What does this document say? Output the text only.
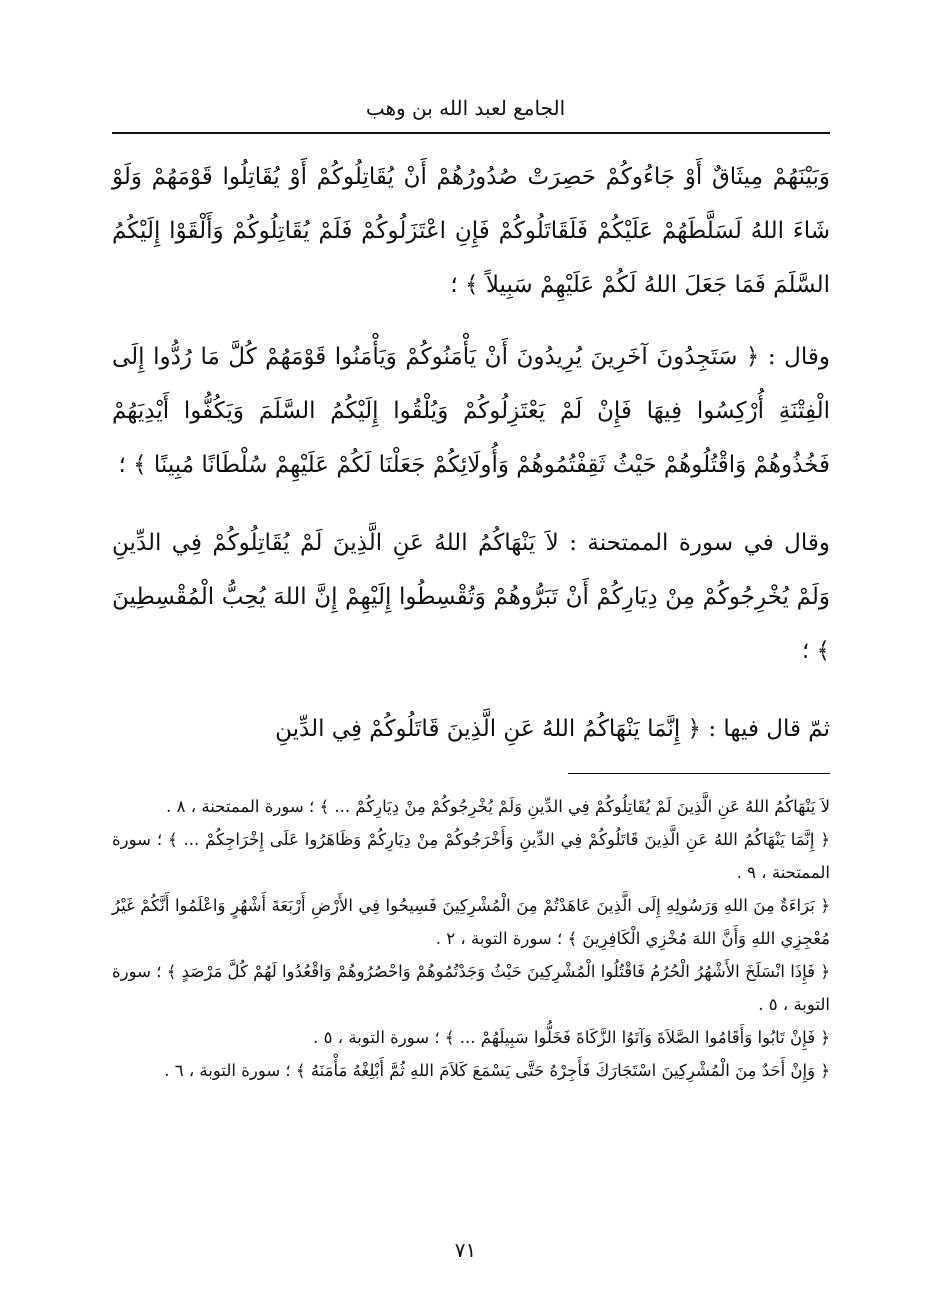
الجامع لعبد الله بن وهب

وَبَيْنَهُمْ مِيثَاقٌ أَوْ جَاءُوكُمْ حَصِرَتْ صُدُورُهُمْ أَنْ يُقَاتِلُوكُمْ أَوْ يُقَاتِلُوا قَوْمَهُمْ وَلَوْ شَاءَ اللهُ لَسَلَّطَهُمْ عَلَيْكُمْ فَلَقَاتَلُوكُمْ فَإِنِ اعْتَزَلُوكُمْ فَلَمْ يُقَاتِلُوكُمْ وَأَلْقَوْا إِلَيْكُمُ السَّلَمَ فَمَا جَعَلَ اللهُ لَكُمْ عَلَيْهِمْ سَبِيلاً ﴾ ؛

وقال : ﴿ سَتَجِدُونَ آخَرِينَ يُرِيدُونَ أَنْ يَأْمَنُوكُمْ وَيَأْمَنُوا قَوْمَهُمْ كُلَّ مَا رُدُّوا إِلَى الْفِتْنَةِ أُرْكِسُوا فِيهَا فَإِنْ لَمْ يَعْتَزِلُوكُمْ وَيُلْقُوا إِلَيْكُمُ السَّلَمَ وَيَكُفُّوا أَيْدِيَهُمْ فَخُذُوهُمْ وَاقْتُلُوهُمْ حَيْثُ ثَقِفْتُمُوهُمْ وَأُولَائِكُمْ جَعَلْنَا لَكُمْ عَلَيْهِمْ سُلْطَانًا مُبِينًا ﴾ ؛

وقال في سورة الممتحنة : لاَ يَنْهَاكُمُ اللهُ عَنِ الَّذِينَ لَمْ يُقَاتِلُوكُمْ فِي الدِّينِ وَلَمْ يُخْرِجُوكُمْ مِنْ دِيَارِكُمْ أَنْ تَبَرُّوهُمْ وَتُقْسِطُوا إِلَيْهِمْ إِنَّ اللهَ يُحِبُّ الْمُقْسِطِينَ ﴾ ؛

ثمّ قال فيها : ﴿ إِنَّمَا يَنْهَاكُمُ اللهُ عَنِ الَّذِينَ قَاتَلُوكُمْ فِي الدِّينِ

لاَ يَنْهَاكُمُ اللهُ عَنِ الَّذِينَ لَمْ يُقَاتِلُوكُمْ فِي الدِّينِ وَلَمْ يُخْرِجُوكُمْ مِنْ دِيَارِكُمْ ... ﴾ ؛ سورة الممتحنة ، ٨ .

﴿ إِنَّمَا يَنْهَاكُمُ اللهُ عَنِ الَّذِينَ قَاتَلُوكُمْ فِي الدِّينِ وَأَخْرَجُوكُمْ مِنْ دِيَارِكُمْ وَظَاهَرُوا عَلَى إِخْرَاجِكُمْ ... ﴾ ؛ سورة الممتحنة ، ٩ .

﴿ بَرَاءَةٌ مِنَ اللهِ وَرَسُولِهِ إِلَى الَّذِينَ عَاهَدْتُمْ مِنَ الْمُشْرِكِينَ فَسِيحُوا فِي الأَرْضِ أَرْبَعَةَ أَشْهُرٍ وَاعْلَمُوا أَنَّكُمْ غَيْرُ مُعْجِزِي اللهِ وَأَنَّ اللهَ مُخْزِي الْكَافِرِينَ ﴾ ؛ سورة التوبة ، ٢ .

﴿ فَإِذَا انْسَلَخَ الأَشْهُرُ الْحُرُمُ فَاقْتُلُوا الْمُشْرِكِينَ حَيْثُ وَجَدْتُمُوهُمْ وَاحْصُرُوهُمْ وَاقْعُدُوا لَهُمْ كُلَّ مَرْصَدٍ ﴾ ؛ سورة التوبة ، ٥ .

﴿ فَإِنْ تَابُوا وَأَقَامُوا الصَّلاَةَ وَآتَوُا الزَّكَاةَ فَخَلُّوا سَبِيلَهُمْ ... ﴾ ؛ سورة التوبة ، ٥ .

﴿ وَإِنْ أَحَدٌ مِنَ الْمُشْرِكِينَ اسْتَجَارَكَ فَأَجِرْهُ حَتَّى يَسْمَعَ كَلاَمَ اللهِ ثُمَّ أَبْلِغْهُ مَأْمَنَهُ ﴾ ؛ سورة التوبة ، ٦ .

٧١
